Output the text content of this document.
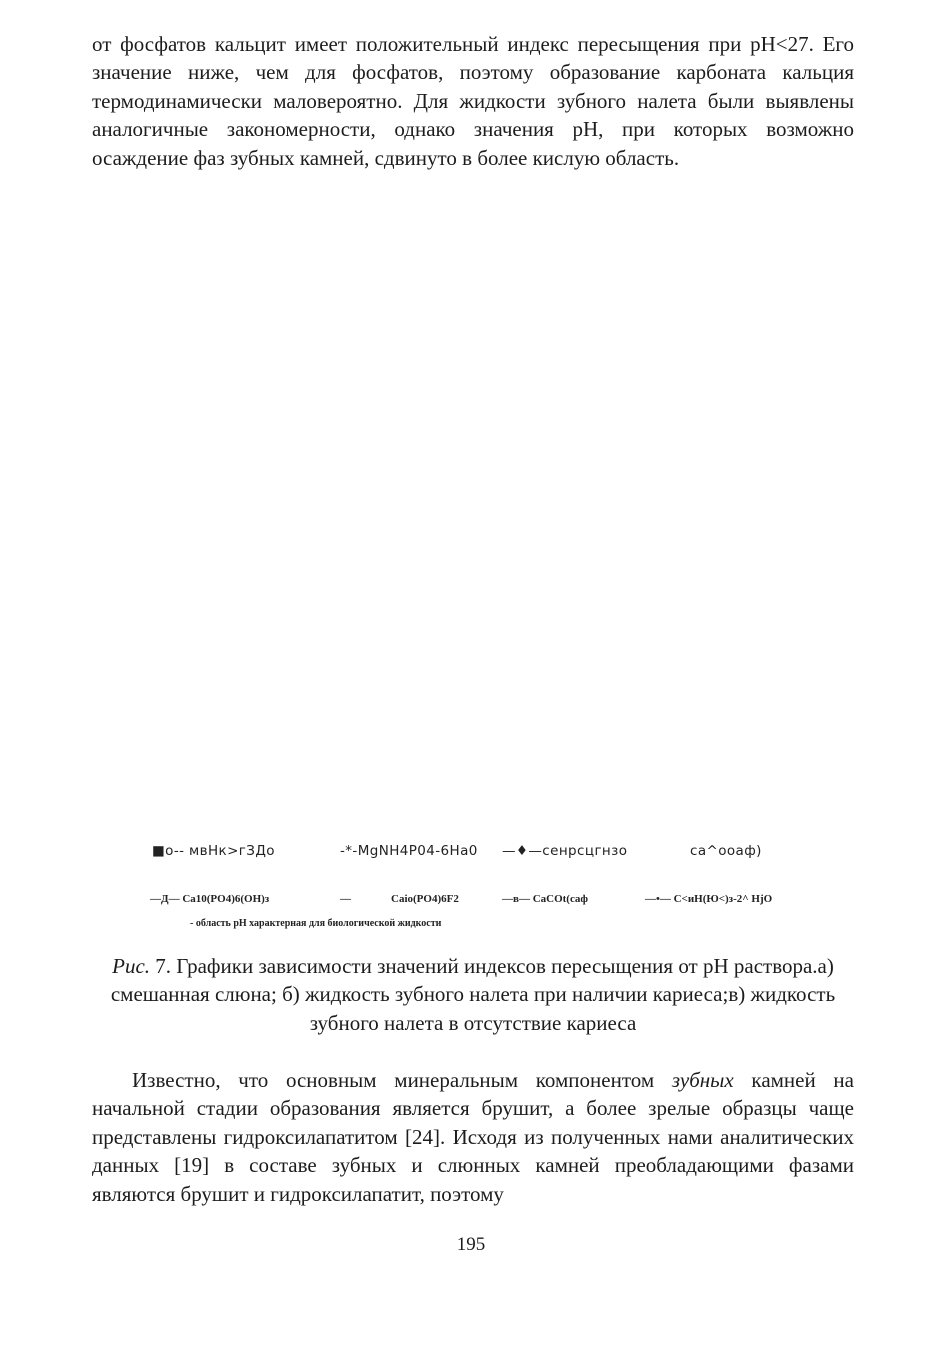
от фосфатов кальцит имеет положительный индекс пересыщения при pH<27. Его значение ниже, чем для фосфатов, поэтому образование карбоната кальция термодинамически маловероятно. Для жидкости зубного налета были выявлены аналогичные закономерности, однако значения pH, при которых возможно осаждение фаз зубных камней, сдвинуто в более кислую область.

■о-- мвНк>гЗДо	-*-MgNH4P04-6Ha0 —♦—сенрсцгнзо	ca^ooaф)
—Д— Ca10(PO4)6(OH)з	—	Caio(PO4)6F2	—в— CaCOt(caф	—•— C<иH(Ю<)з-2^ HjO
- область pH характерная для биологической жидкости

Рис. 7. Графики зависимости значений индексов пересыщения от pH раствора.а) смешанная слюна; б) жидкость зубного налета при наличии кариеса;в) жидкость зубного налета в отсутствие кариеса

Известно, что основным минеральным компонентом зубных камней на начальной стадии образования является брушит, а более зрелые образцы чаще представлены гидроксилапатитом [24]. Исходя из полученных нами аналитических данных [19] в составе зубных и слюнных камней преобладающими фазами являются брушит и гидроксилапатит, поэтому

195
